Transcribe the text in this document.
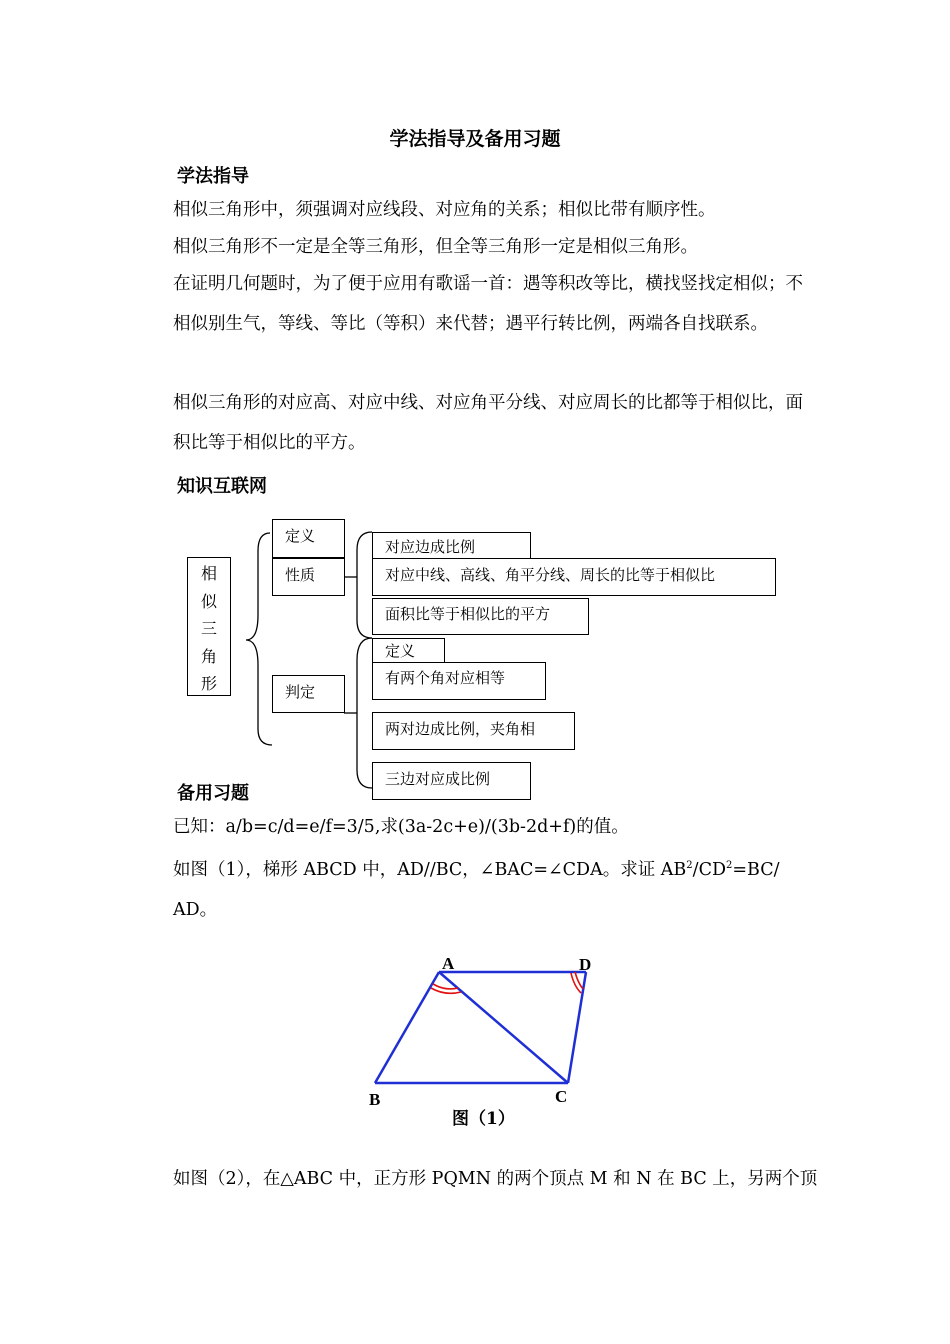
学法指导及备用习题
学法指导
相似三角形中，须强调对应线段、对应角的关系；相似比带有顺序性。
相似三角形不一定是全等三角形，但全等三角形一定是相似三角形。
在证明几何题时，为了便于应用有歌谣一首：遇等积改等比，横找竖找定相似；不相似别生气，等线、等比（等积）来代替；遇平行转比例，两端各自找联系。
相似三角形的对应高、对应中线、对应角平分线、对应周长的比都等于相似比，面积比等于相似比的平方。
知识互联网
相
似
三
角
形
定义
性质
判定
对应边成比例
对应中线、高线、角平分线、周长的比等于相似比
面积比等于相似比的平方
定义
有两个角对应相等
两对边成比例，夹角相
三边对应成比例
备用习题
已知：a/b=c/d=e/f=3/5,求(3a-2c+e)/(3b-2d+f)的值。
如图（1），梯形 ABCD 中，AD//BC，∠BAC=∠CDA。求证 $AB^2/CD^2=BC/$
AD。
A	D
B	C
图（1）
如图（2），在△ABC 中，正方形 PQMN 的两个顶点 M 和 N 在 BC 上，另两个顶
